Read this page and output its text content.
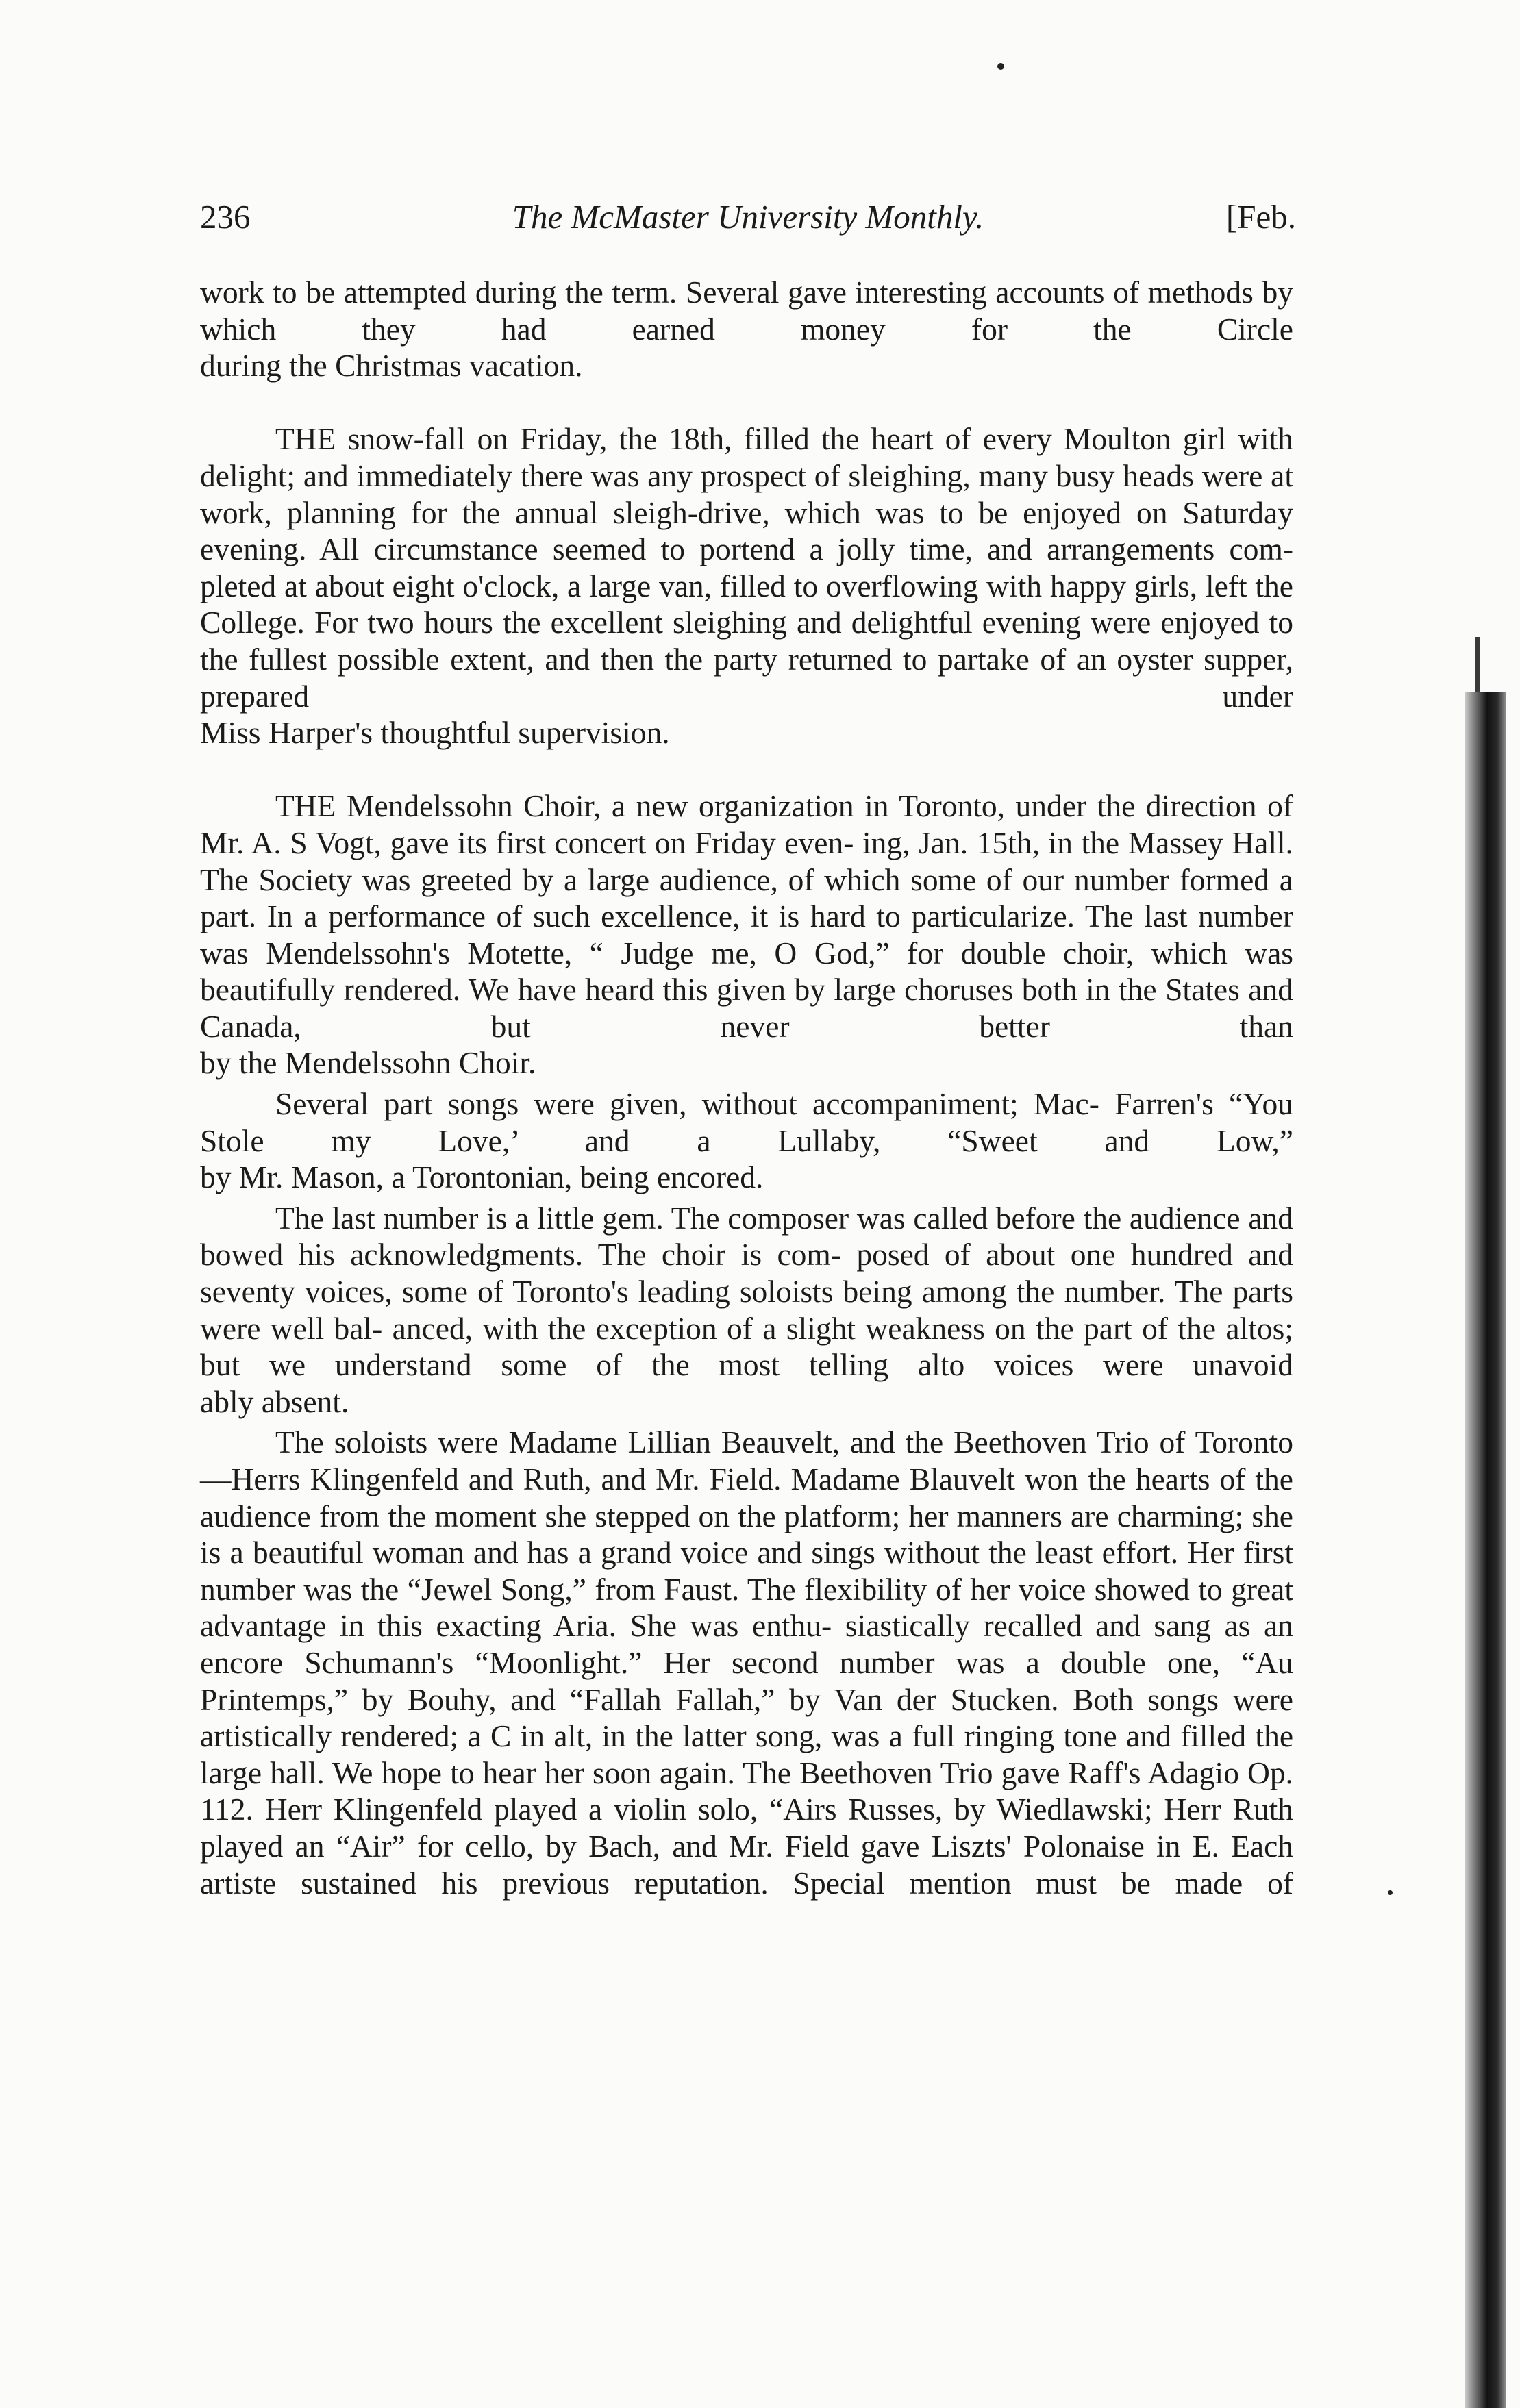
236	The McMaster University Monthly.	[Feb.

work to be attempted during the term. Several gave interesting accounts of methods by which they had earned money for the Circle

during the Christmas vacation.

THE snow-fall on Friday, the 18th, filled the heart of every Moulton girl with delight; and immediately there was any prospect of sleighing, many busy heads were at work, planning for the annual sleigh-drive, which was to be enjoyed on Saturday evening. All circumstance seemed to portend a jolly time, and arrangements com- pleted at about eight o'clock, a large van, filled to overflowing with happy girls, left the College. For two hours the excellent sleighing and delightful evening were enjoyed to the fullest possible extent, and then the party returned to partake of an oyster supper, prepared under

Miss Harper's thoughtful supervision.

THE Mendelssohn Choir, a new organization in Toronto, under the direction of Mr. A. S Vogt, gave its first concert on Friday even- ing, Jan. 15th, in the Massey Hall. The Society was greeted by a large audience, of which some of our number formed a part. In a performance of such excellence, it is hard to particularize. The last number was Mendelssohn's Motette, “ Judge me, O God,” for double choir, which was beautifully rendered. We have heard this given by large choruses both in the States and Canada, but never better than

by the Mendelssohn Choir.

Several part songs were given, without accompaniment; Mac- Farren's “You Stole my Love,’ and a Lullaby, “Sweet and Low,”

by Mr. Mason, a Torontonian, being encored.

The last number is a little gem. The composer was called before the audience and bowed his acknowledgments. The choir is com- posed of about one hundred and seventy voices, some of Toronto's leading soloists being among the number. The parts were well bal- anced, with the exception of a slight weakness on the part of the altos; but we understand some of the most telling alto voices were unavoid

ably absent.

The soloists were Madame Lillian Beauvelt, and the Beethoven Trio of Toronto—Herrs Klingenfeld and Ruth, and Mr. Field. Madame Blauvelt won the hearts of the audience from the moment she stepped on the platform; her manners are charming; she is a beautiful woman and has a grand voice and sings without the least effort. Her first number was the “Jewel Song,” from Faust. The flexibility of her voice showed to great advantage in this exacting Aria. She was enthu- siastically recalled and sang as an encore Schumann's “Moonlight.” Her second number was a double one, “Au Printemps,” by Bouhy, and “Fallah Fallah,” by Van der Stucken. Both songs were artistically rendered; a C in alt, in the latter song, was a full ringing tone and filled the large hall. We hope to hear her soon again. The Beethoven Trio gave Raff's Adagio Op. 112. Herr Klingenfeld played a violin solo, “Airs Russes, by Wiedlawski; Herr Ruth played an “Air” for cello, by Bach, and Mr. Field gave Liszts' Polonaise in E. Each artiste sustained his previous reputation. Special mention must be made of
